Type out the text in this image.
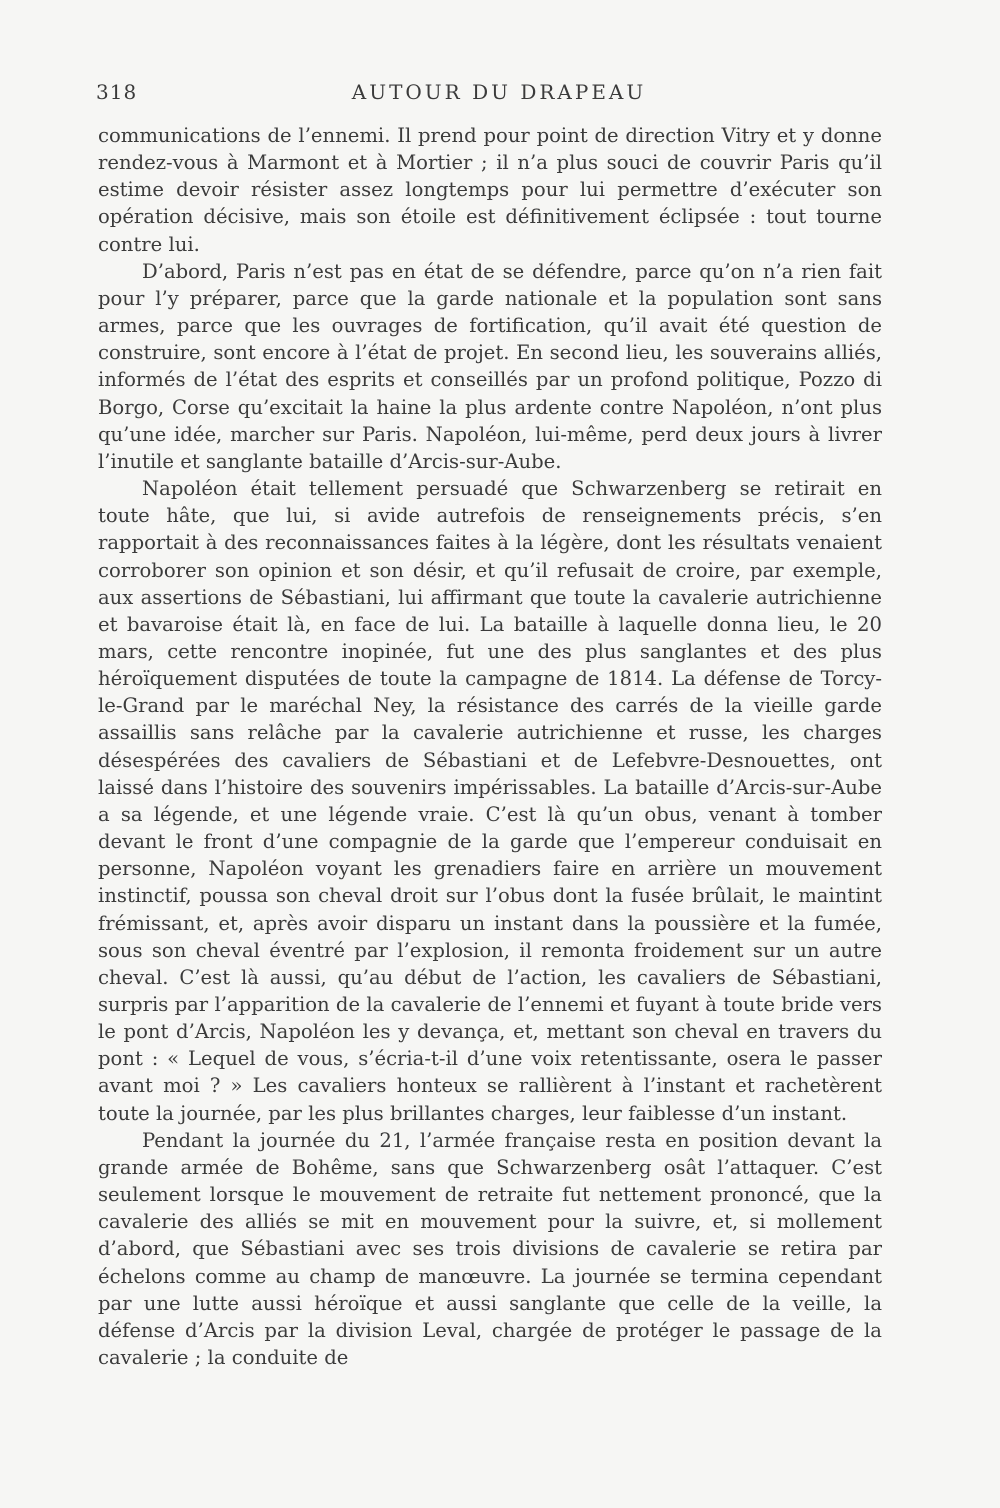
318	AUTOUR DU DRAPEAU

communications de l’ennemi. Il prend pour point de direction Vitry et y donne rendez-vous à Marmont et à Mortier ; il n’a plus souci de couvrir Paris qu’il estime devoir résister assez longtemps pour lui permettre d’exécuter son opération décisive, mais son étoile est définitivement éclipsée : tout tourne contre lui.

D’abord, Paris n’est pas en état de se défendre, parce qu’on n’a rien fait pour l’y préparer, parce que la garde nationale et la population sont sans armes, parce que les ouvrages de fortification, qu’il avait été question de construire, sont encore à l’état de projet. En second lieu, les souverains alliés, informés de l’état des esprits et conseillés par un profond politique, Pozzo di Borgo, Corse qu’excitait la haine la plus ardente contre Napoléon, n’ont plus qu’une idée, marcher sur Paris. Napoléon, lui-même, perd deux jours à livrer l’inutile et sanglante bataille d’Arcis-sur-Aube.

Napoléon était tellement persuadé que Schwarzenberg se retirait en toute hâte, que lui, si avide autrefois de renseignements précis, s’en rapportait à des reconnaissances faites à la légère, dont les résultats venaient corroborer son opinion et son désir, et qu’il refusait de croire, par exemple, aux assertions de Sébastiani, lui affirmant que toute la cavalerie autrichienne et bavaroise était là, en face de lui. La bataille à laquelle donna lieu, le 20 mars, cette rencontre inopinée, fut une des plus sanglantes et des plus héroïquement disputées de toute la campagne de 1814. La défense de Torcy-le-Grand par le maréchal Ney, la résistance des carrés de la vieille garde assaillis sans relâche par la cavalerie autrichienne et russe, les charges désespérées des cavaliers de Sébastiani et de Lefebvre-Desnouettes, ont laissé dans l’histoire des souvenirs impérissables. La bataille d’Arcis-sur-Aube a sa légende, et une légende vraie. C’est là qu’un obus, venant à tomber devant le front d’une compagnie de la garde que l’empereur conduisait en personne, Napoléon voyant les grenadiers faire en arrière un mouvement instinctif, poussa son cheval droit sur l’obus dont la fusée brûlait, le maintint frémissant, et, après avoir disparu un instant dans la poussière et la fumée, sous son cheval éventré par l’explosion, il remonta froidement sur un autre cheval. C’est là aussi, qu’au début de l’action, les cavaliers de Sébastiani, surpris par l’apparition de la cavalerie de l’ennemi et fuyant à toute bride vers le pont d’Arcis, Napoléon les y devança, et, mettant son cheval en travers du pont : « Lequel de vous, s’écria-t-il d’une voix retentissante, osera le passer avant moi ? » Les cavaliers honteux se rallièrent à l’instant et rachetèrent toute la journée, par les plus brillantes charges, leur faiblesse d’un instant.

Pendant la journée du 21, l’armée française resta en position devant la grande armée de Bohême, sans que Schwarzenberg osât l’attaquer. C’est seulement lorsque le mouvement de retraite fut nettement prononcé, que la cavalerie des alliés se mit en mouvement pour la suivre, et, si mollement d’abord, que Sébastiani avec ses trois divisions de cavalerie se retira par échelons comme au champ de manœuvre. La journée se termina cependant par une lutte aussi héroïque et aussi sanglante que celle de la veille, la défense d’Arcis par la division Leval, chargée de protéger le passage de la cavalerie ; la conduite de
